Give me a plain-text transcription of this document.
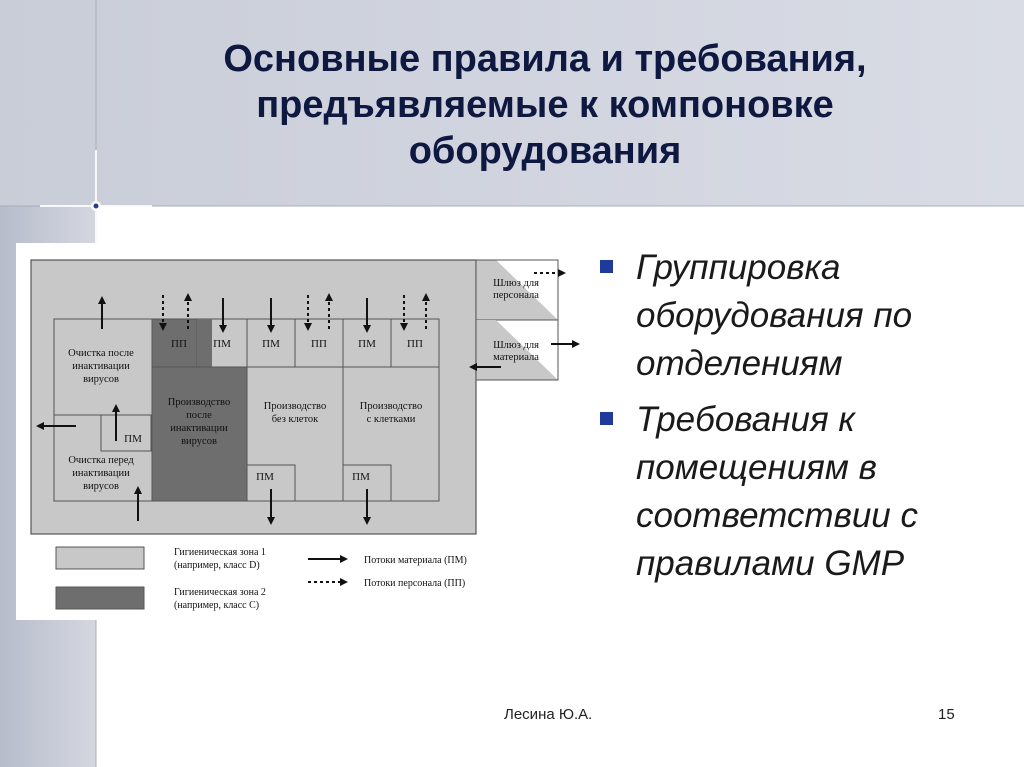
Основные правила и требования,
предъявляемые к компоновке
оборудования
Очистка после инактивации вирусов
Очистка перед инактивации вирусов
Производство после инактивации вирусов
Производство без клеток
Производство с клетками
Шлюз для персонала
Шлюз для материала
ПП ПМ	ПМ	ПП	ПМ	ПП
ПМ
ПМ	ПМ
Гигиеническая зона 1 (например, класс D)
Гигиеническая зона 2 (например, класс С)
Потоки материала (ПМ)
Потоки персонала (ПП)
Группировка
оборудования по
отделениям
Требования к
помещениям в
соответствии с
правилами GMP
Лесина Ю.А.	15
